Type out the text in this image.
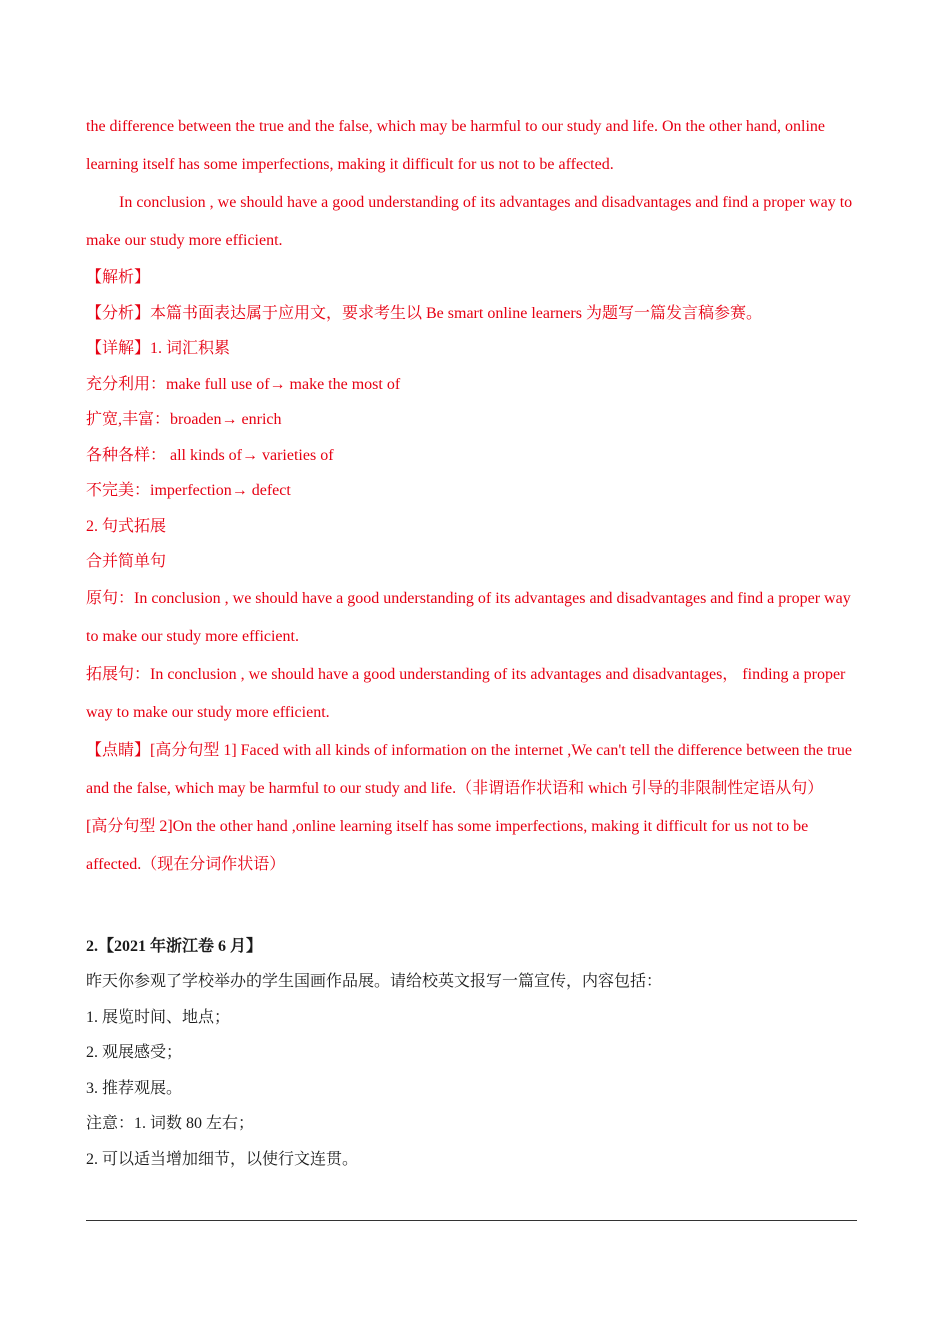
the difference between the true and the false, which may be harmful to our study and life. On the other hand, online learning itself has some imperfections, making it difficult for us not to be affected.

In conclusion , we should have a good understanding of its advantages and disadvantages and find a proper way to make our study more efficient.

【解析】

【分析】本篇书面表达属于应用文，要求考生以 Be smart online learners 为题写一篇发言稿参赛。

【详解】1. 词汇积累

充分利用：make full use of→ make the most of

扩宽,丰富：broaden→ enrich

各种各样： all kinds of→ varieties of

不完美：imperfection→ defect

2. 句式拓展

合并简单句

原句：In conclusion , we should have a good understanding of its advantages and disadvantages and find a proper way to make our study more efficient.

拓展句：In conclusion , we should have a good understanding of its advantages and disadvantages， finding a proper way to make our study more efficient.

【点睛】[高分句型 1] Faced with all kinds of information on the internet ,We can't tell the difference between the true and the false, which may be harmful to our study and life.（非谓语作状语和 which 引导的非限制性定语从句）

[高分句型 2]On the other hand ,online learning itself has some imperfections, making it difficult for us not to be affected.（现在分词作状语）

2.【2021 年浙江卷 6 月】

昨天你参观了学校举办的学生国画作品展。请给校英文报写一篇宣传，内容包括：

1. 展览时间、地点；

2. 观展感受；

3. 推荐观展。

注意：1. 词数 80 左右；

2. 可以适当增加细节，以使行文连贯。
